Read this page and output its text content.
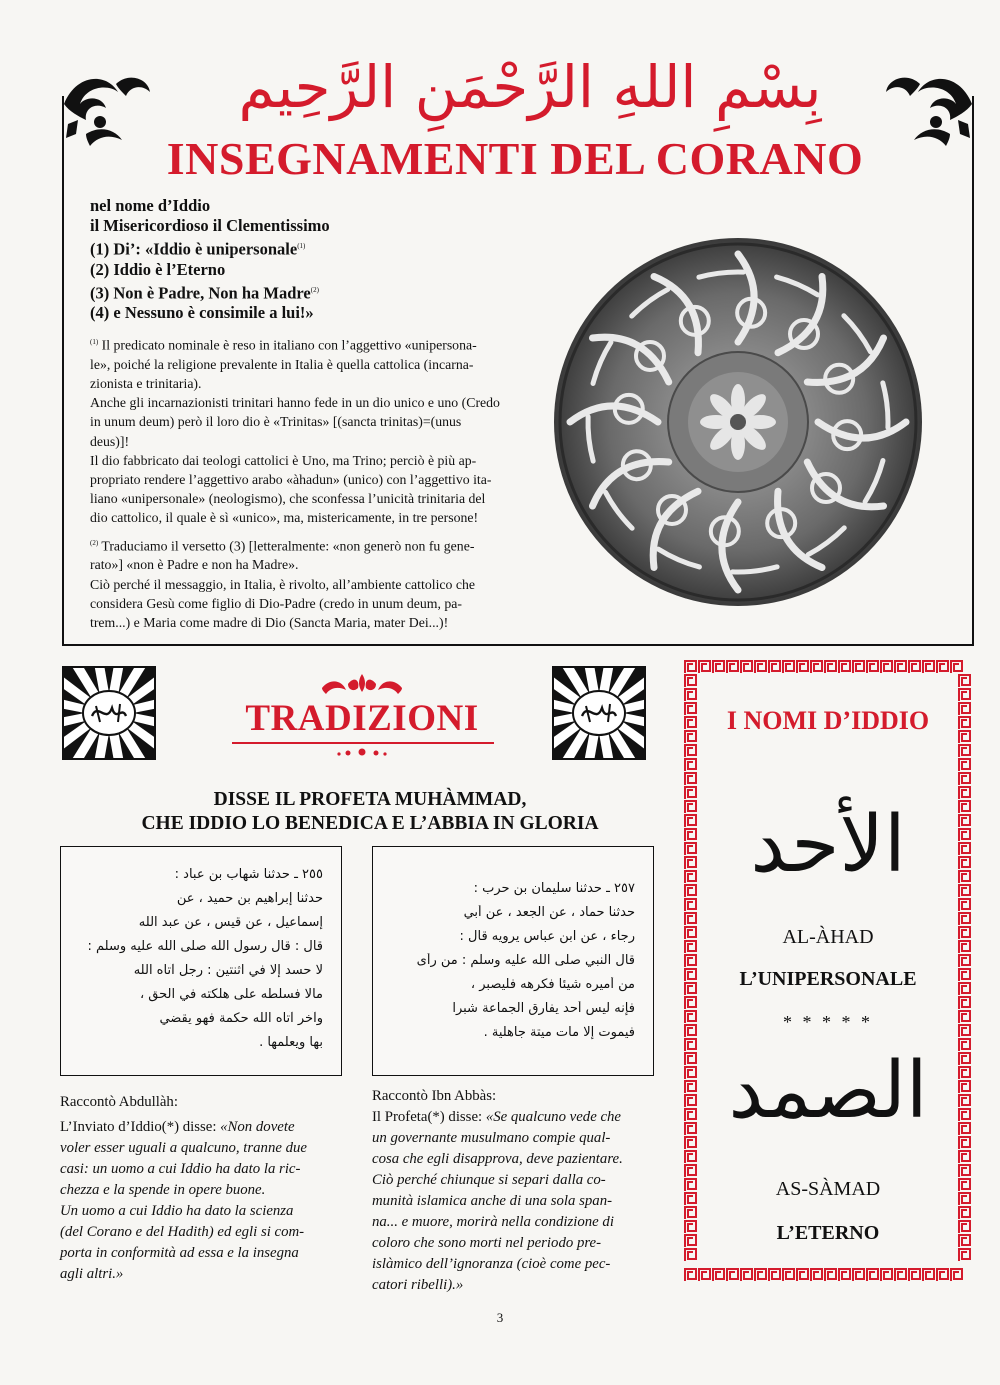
بِسْمِ اللهِ الرَّحْمَنِ الرَّحِيم
INSEGNAMENTI DEL CORANO
nel nome d’Iddio
il Misericordioso il Clementissimo
(1) Di’: «Iddio è unipersonale$^{(1)}$
(2) Iddio è l’Eterno
(3) Non è Padre, Non ha Madre$^{(2)}$
(4) e Nessuno è consimile a lui!»
$^{(1)}$ Il predicato nominale è reso in italiano con l’aggettivo «unipersona-
le», poiché la religione prevalente in Italia è quella cattolica (incarna-
zionista e trinitaria).
Anche gli incarnazionisti trinitari hanno fede in un dio unico e uno (Credo
in unum deum) però il loro dio è «Trinitas» [(sancta trinitas)=(unus
deus)]!
Il dio fabbricato dai teologi cattolici è Uno, ma Trino; perciò è più ap-
propriato rendere l’aggettivo arabo «àhadun» (unico) con l’aggettivo ita-
liano «unipersonale» (neologismo), che sconfessa l’unicità trinitaria del
dio cattolico, il quale è sì «unico», ma, mistericamente, in tre persone!
$^{(2)}$ Traduciamo il versetto (3) [letteralmente: «non generò non fu gene-
rato»] «non è Padre e non ha Madre».
Ciò perché il messaggio, in Italia, è rivolto, all’ambiente cattolico che
considera Gesù come figlio di Dio-Padre (credo in unum deum, pa-
trem...) e Maria come madre di Dio (Sancta Maria, mater Dei...)!
TRADIZIONI
DISSE IL PROFETA MUHÀMMAD,
CHE IDDIO LO BENEDICA E L’ABBIA IN GLORIA
٢٥٥ ـ حدثنا شهاب بن عباد :
حدثنا إبراهيم بن حميد ، عن
إسماعيل ، عن قيس ، عن عبد الله
قال : قال رسول الله صلى الله عليه وسلم :
لا حسد إلا في اثنتين : رجل آتاه الله
مالا فسلطه على هلكته في الحق ،
وآخر آتاه الله حكمة فهو يقضي
بها ويعلمها .
٢٥٧ ـ حدثنا سليمان بن حرب :
حدثنا حماد ، عن الجعد ، عن أبي
رجاء ، عن ابن عباس يرويه قال :
قال النبي صلى الله عليه وسلم : من رأى
من أميره شيئا فكرهه فليصبر ،
فإنه ليس أحد يفارق الجماعة شبرا
فيموت إلا مات ميتة جاهلية .
Raccontò Abdullàh:
L’Inviato d’Iddio(*) disse: «Non dovete
voler esser uguali a qualcuno, tranne due
casi: un uomo a cui Iddio ha dato la ric-
chezza e la spende in opere buone.
Un uomo a cui Iddio ha dato la scienza
(del Corano e del Hadith) ed egli si com-
porta in conformità ad essa e la insegna
agli altri.»
Raccontò Ibn Abbàs:
Il Profeta(*) disse: «Se qualcuno vede che
un governante musulmano compie qual-
cosa che egli disapprova, deve pazientare.
Ciò perché chiunque si separi dalla co-
munità islamica anche di una sola span-
na... e muore, morirà nella condizione di
coloro che sono morti nel periodo pre-
islàmico dell’ignoranza (cioè come pec-
catori ribelli).»
I NOMI D’IDDIO
الأحد
AL-ÀHAD
L’UNIPERSONALE
* * * * *
الصمد
AS-SÀMAD
L’ETERNO
3
